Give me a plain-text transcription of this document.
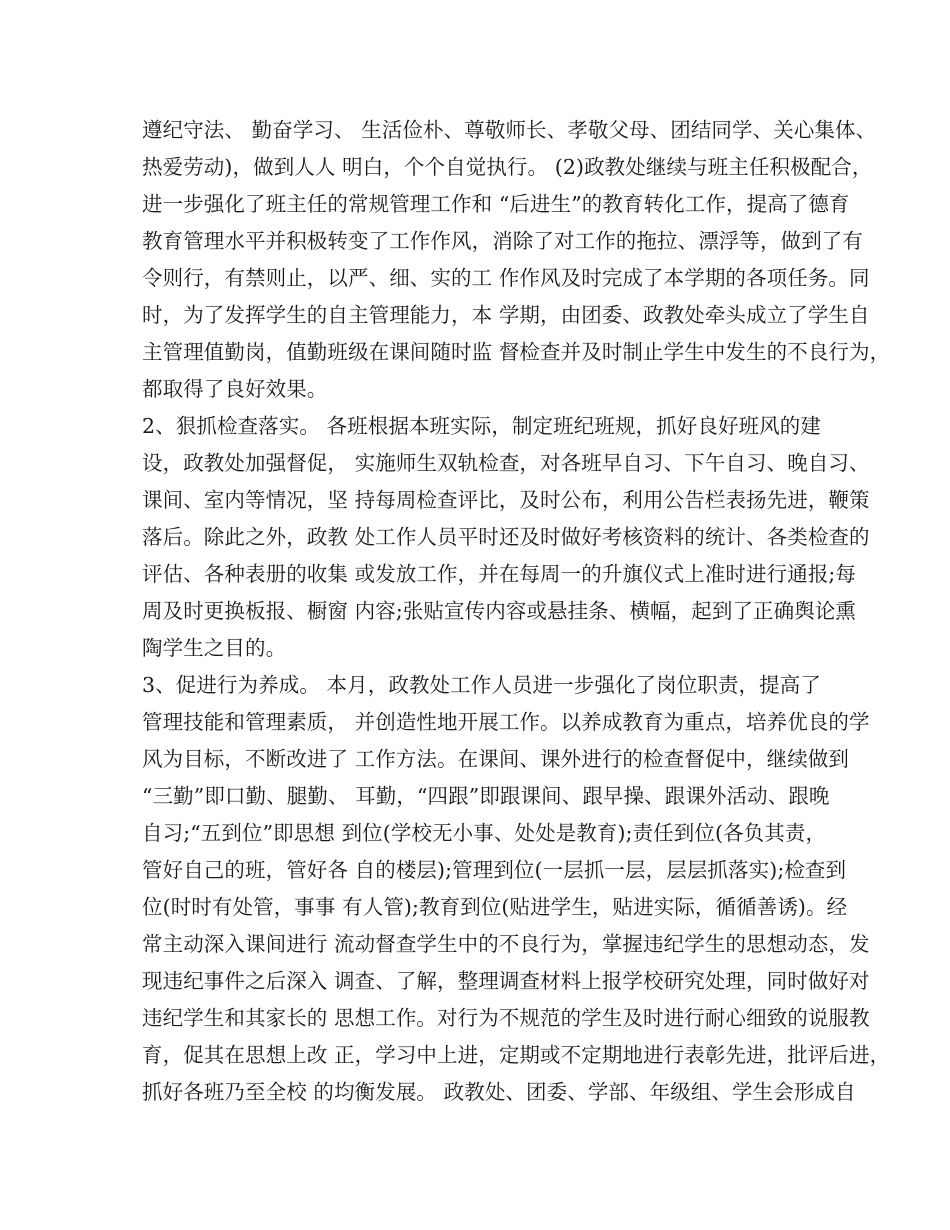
遵纪守法、 勤奋学习、 生活俭朴、尊敬师长、孝敬父母、团结同学、关心集体、
热爱劳动)，做到人人 明白，个个自觉执行。 (2)政教处继续与班主任积极配合，
进一步强化了班主任的常规管理工作和 “后进生”的教育转化工作，提高了德育
教育管理水平并积极转变了工作作风，消除了对工作的拖拉、漂浮等，做到了有
令则行，有禁则止，以严、细、实的工 作作风及时完成了本学期的各项任务。同
时，为了发挥学生的自主管理能力，本 学期，由团委、政教处牵头成立了学生自
主管理值勤岗，值勤班级在课间随时监 督检查并及时制止学生中发生的不良行为，
都取得了良好效果。
2、狠抓检查落实。 各班根据本班实际，制定班纪班规，抓好良好班风的建
设，政教处加强督促， 实施师生双轨检查，对各班早自习、下午自习、晚自习、
课间、室内等情况，坚 持每周检查评比，及时公布，利用公告栏表扬先进，鞭策
落后。除此之外，政教 处工作人员平时还及时做好考核资料的统计、各类检查的
评估、各种表册的收集 或发放工作，并在每周一的升旗仪式上准时进行通报;每
周及时更换板报、橱窗 内容;张贴宣传内容或悬挂条、横幅，起到了正确舆论熏
陶学生之目的。
3、促进行为养成。 本月，政教处工作人员进一步强化了岗位职责，提高了
管理技能和管理素质， 并创造性地开展工作。以养成教育为重点，培养优良的学
风为目标，不断改进了 工作方法。在课间、课外进行的检查督促中，继续做到
“三勤”即口勤、腿勤、 耳勤，“四跟”即跟课间、跟早操、跟课外活动、跟晚
自习;“五到位”即思想 到位(学校无小事、处处是教育);责任到位(各负其责，
管好自己的班，管好各 自的楼层);管理到位(一层抓一层，层层抓落实);检查到
位(时时有处管，事事 有人管);教育到位(贴进学生，贴进实际，循循善诱)。经
常主动深入课间进行 流动督查学生中的不良行为，掌握违纪学生的思想动态，发
现违纪事件之后深入 调查、了解，整理调查材料上报学校研究处理，同时做好对
违纪学生和其家长的 思想工作。对行为不规范的学生及时进行耐心细致的说服教
育，促其在思想上改 正，学习中上进，定期或不定期地进行表彰先进，批评后进，
抓好各班乃至全校 的均衡发展。 政教处、团委、学部、年级组、学生会形成自
